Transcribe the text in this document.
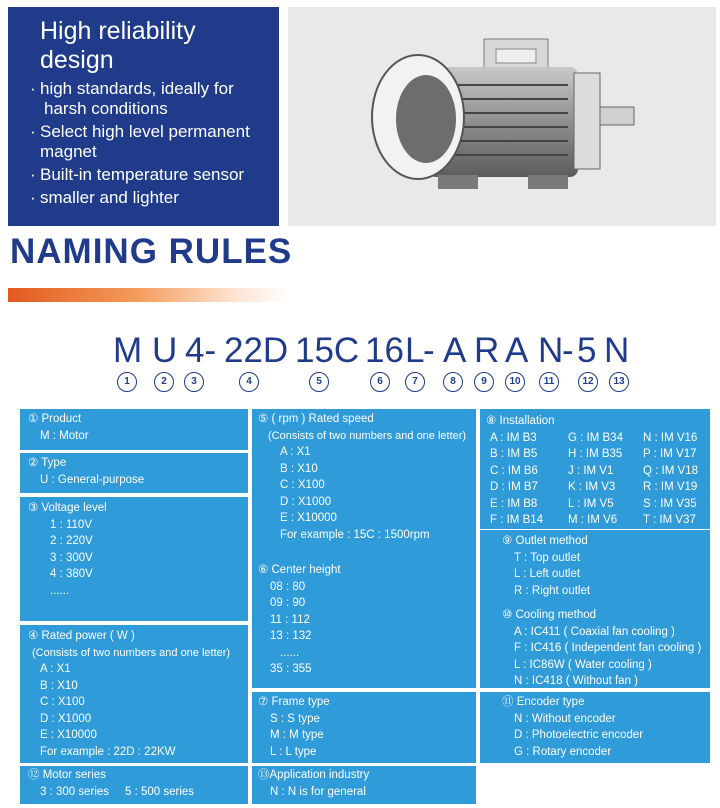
High reliability
design
· high standards, ideally for
harsh conditions
· Select high level permanent
magnet
· Built-in temperature sensor
· smaller and lighter
NAMING RULES
M U 4- 22D 15C 16 L
- A R A N
- 5 N
1	2	3	4	5	6	7	8	9	10	11	12	13
① Product
M : Motor
② Type
U : General-purpose
③ Voltage level
1 : 110V
2 : 220V
3 : 300V
4 : 380V
......
④ Rated power ( W )
(Consists of two numbers and one letter)
A : X1
B : X10
C : X100
D : X1000
E : X10000
For example : 22D : 22KW
⑫ Motor series
3 : 300 series     5 : 500 series
⑤ ( rpm ) Rated speed
(Consists of two numbers and one letter)
A : X1
B : X10
C : X100
D : X1000
E : X10000
For example : 15C : 1500rpm
⑥ Center height
08 : 80
09 : 90
11 : 112
13 : 132
......
35 : 355
⑦ Frame type
S : S type
M : M type
L : L type
⑬Application industry
N : N is for general
⑧ Installation
A : IM B3	G : IM B34	N : IM V16
B : IM B5	H : IM B35	P : IM V17
C : IM B6	J : IM V1	Q : IM V18
D : IM B7	K : IM V3	R : IM V19
E : IM B8	L : IM V5	S : IM V35
F : IM B14	M : IM V6	T : IM V37
⑨ Outlet method
T : Top outlet
L : Left outlet
R : Right outlet
⑩ Cooling method
A : IC411 ( Coaxial fan cooling )
F : IC416 ( Independent fan cooling )
L : IC86W ( Water cooling )
N : IC418 ( Without fan )
⑪ Encoder type
N : Without encoder
D : Photoelectric encoder
G : Rotary encoder
